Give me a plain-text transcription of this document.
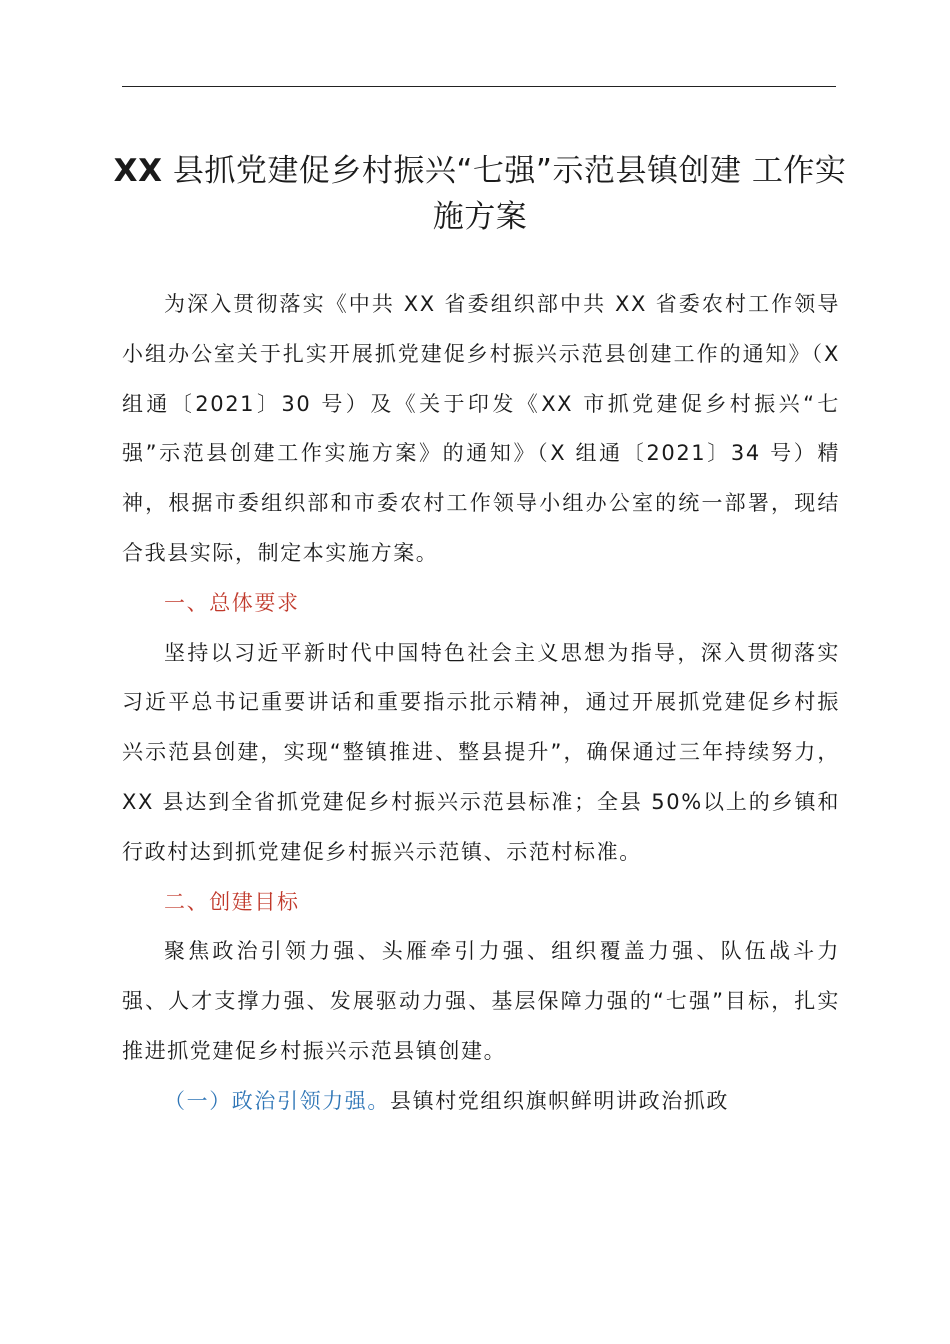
XX 县抓党建促乡村振兴“七强”示范县镇创建 工作实施方案

为深入贯彻落实《中共 XX 省委组织部中共 XX 省委农村工作领导小组办公室关于扎实开展抓党建促乡村振兴示范县创建工作的通知》（X 组通〔2021〕30 号）及《关于印发《XX 市抓党建促乡村振兴“七强”示范县创建工作实施方案》的通知》（X 组通〔2021〕34 号）精神，根据市委组织部和市委农村工作领导小组办公室的统一部署，现结合我县实际，制定本实施方案。

一、总体要求

坚持以习近平新时代中国特色社会主义思想为指导，深入贯彻落实习近平总书记重要讲话和重要指示批示精神，通过开展抓党建促乡村振兴示范县创建，实现“整镇推进、整县提升”，确保通过三年持续努力，XX 县达到全省抓党建促乡村振兴示范县标准；全县 50%以上的乡镇和行政村达到抓党建促乡村振兴示范镇、示范村标准。

二、创建目标

聚焦政治引领力强、头雁牵引力强、组织覆盖力强、队伍战斗力强、人才支撑力强、发展驱动力强、基层保障力强的“七强”目标，扎实推进抓党建促乡村振兴示范县镇创建。

（一）政治引领力强。县镇村党组织旗帜鲜明讲政治抓政
